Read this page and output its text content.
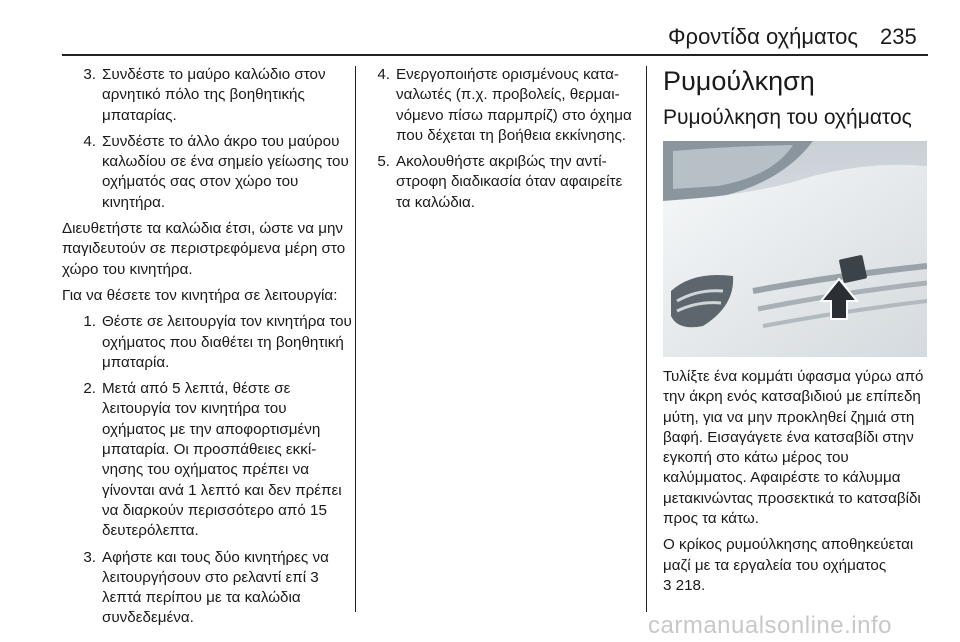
Φροντίδα οχήματος 235
3. Συνδέστε το μαύρο καλώδιο στον αρνητικό πόλο της βοηθητικής μπαταρίας.
4. Συνδέστε το άλλο άκρο του μαύρου καλωδίου σε ένα σημείο γείωσης του οχήματός σας στον χώρο του κινητήρα.

Διευθετήστε τα καλώδια έτσι, ώστε να μην παγιδευτούν σε περιστρεφόμενα μέρη στο χώρο του κινητήρα.

Για να θέσετε τον κινητήρα σε λειτουργία:

1. Θέστε σε λειτουργία τον κινητήρα του οχήματος που διαθέτει τη βοηθητική μπαταρία.
2. Μετά από 5 λεπτά, θέστε σε λειτουργία τον κινητήρα του οχήματος με την αποφορτισμένη μπαταρία. Οι προσπάθειες εκκίνησης του οχήματος πρέπει να γίνονται ανά 1 λεπτό και δεν πρέπει να διαρκούν περισσότερο από 15 δευτερόλεπτα.
3. Αφήστε και τους δύο κινητήρες να λειτουργήσουν στο ρελαντί επί 3 λεπτά περίπου με τα καλώδια συνδεδεμένα.
4. Ενεργοποιήστε ορισμένους καταναλωτές (π.χ. προβολείς, θερμαινόμενο πίσω παρμπρίζ) στο όχημα που δέχεται τη βοήθεια εκκίνησης.
5. Ακολουθήστε ακριβώς την αντίστροφη διαδικασία όταν αφαιρείτε τα καλώδια.
Ρυμούλκηση
Ρυμούλκηση του οχήματος

Τυλίξτε ένα κομμάτι ύφασμα γύρω από την άκρη ενός κατσαβιδιού με επίπεδη μύτη, για να μην προκληθεί ζημιά στη βαφή. Εισαγάγετε ένα κατσαβίδι στην εγκοπή στο κάτω μέρος του καλύμματος. Αφαιρέστε το κάλυμμα μετακινώντας προσεκτικά το κατσαβίδι προς τα κάτω.

Ο κρίκος ρυμούλκησης αποθηκεύεται μαζί με τα εργαλεία του οχήματος

3 218.
carmanualsonline.info
